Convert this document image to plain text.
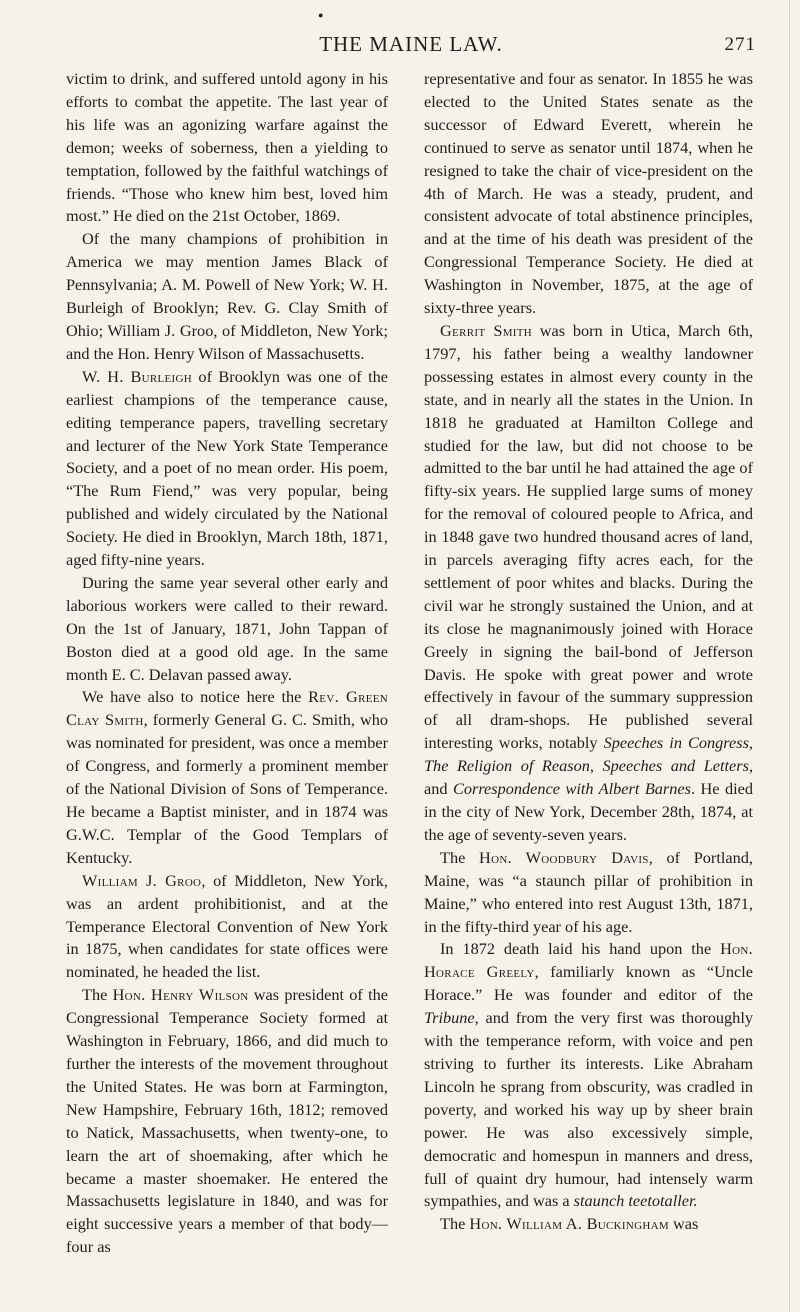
●
THE MAINE LAW.	271

victim to drink, and suffered untold agony in his efforts to combat the appetite. The last year of his life was an agonizing warfare against the demon; weeks of soberness, then a yielding to temptation, followed by the faithful watchings of friends. “Those who knew him best, loved him most.” He died on the 21st October, 1869.

Of the many champions of prohibition in America we may mention James Black of Pennsylvania; A. M. Powell of New York; W. H. Burleigh of Brooklyn; Rev. G. Clay Smith of Ohio; William J. Groo, of Middleton, New York; and the Hon. Henry Wilson of Massachusetts.

W. H. Burleigh of Brooklyn was one of the earliest champions of the temperance cause, editing temperance papers, travelling secretary and lecturer of the New York State Temperance Society, and a poet of no mean order. His poem, “The Rum Fiend,” was very popular, being published and widely circulated by the National Society. He died in Brooklyn, March 18th, 1871, aged fifty-nine years.

During the same year several other early and laborious workers were called to their reward. On the 1st of January, 1871, John Tappan of Boston died at a good old age. In the same month E. C. Delavan passed away.

We have also to notice here the Rev. Green Clay Smith, formerly General G. C. Smith, who was nominated for president, was once a member of Congress, and formerly a prominent member of the National Division of Sons of Temperance. He became a Baptist minister, and in 1874 was G.W.C. Templar of the Good Templars of Kentucky.

William J. Groo, of Middleton, New York, was an ardent prohibitionist, and at the Temperance Electoral Convention of New York in 1875, when candidates for state offices were nominated, he headed the list.

The Hon. Henry Wilson was president of the Congressional Temperance Society formed at Washington in February, 1866, and did much to further the interests of the movement throughout the United States. He was born at Farmington, New Hampshire, February 16th, 1812; removed to Natick, Massachusetts, when twenty-one, to learn the art of shoemaking, after which he became a master shoemaker. He entered the Massachusetts legislature in 1840, and was for eight successive years a member of that body—four as

representative and four as senator. In 1855 he was elected to the United States senate as the successor of Edward Everett, wherein he continued to serve as senator until 1874, when he resigned to take the chair of vice-president on the 4th of March. He was a steady, prudent, and consistent advocate of total abstinence principles, and at the time of his death was president of the Congressional Temperance Society. He died at Washington in November, 1875, at the age of sixty-three years.

Gerrit Smith was born in Utica, March 6th, 1797, his father being a wealthy landowner possessing estates in almost every county in the state, and in nearly all the states in the Union. In 1818 he graduated at Hamilton College and studied for the law, but did not choose to be admitted to the bar until he had attained the age of fifty-six years. He supplied large sums of money for the removal of coloured people to Africa, and in 1848 gave two hundred thousand acres of land, in parcels averaging fifty acres each, for the settlement of poor whites and blacks. During the civil war he strongly sustained the Union, and at its close he magnanimously joined with Horace Greely in signing the bail-bond of Jefferson Davis. He spoke with great power and wrote effectively in favour of the summary suppression of all dram-shops. He published several interesting works, notably Speeches in Congress, The Religion of Reason, Speeches and Letters, and Correspondence with Albert Barnes. He died in the city of New York, December 28th, 1874, at the age of seventy-seven years.

The Hon. Woodbury Davis, of Portland, Maine, was “a staunch pillar of prohibition in Maine,” who entered into rest August 13th, 1871, in the fifty-third year of his age.

In 1872 death laid his hand upon the Hon. Horace Greely, familiarly known as “Uncle Horace.” He was founder and editor of the Tribune, and from the very first was thoroughly with the temperance reform, with voice and pen striving to further its interests. Like Abraham Lincoln he sprang from obscurity, was cradled in poverty, and worked his way up by sheer brain power. He was also excessively simple, democratic and homespun in manners and dress, full of quaint dry humour, had intensely warm sympathies, and was a staunch teetotaller.

The Hon. William A. Buckingham was
